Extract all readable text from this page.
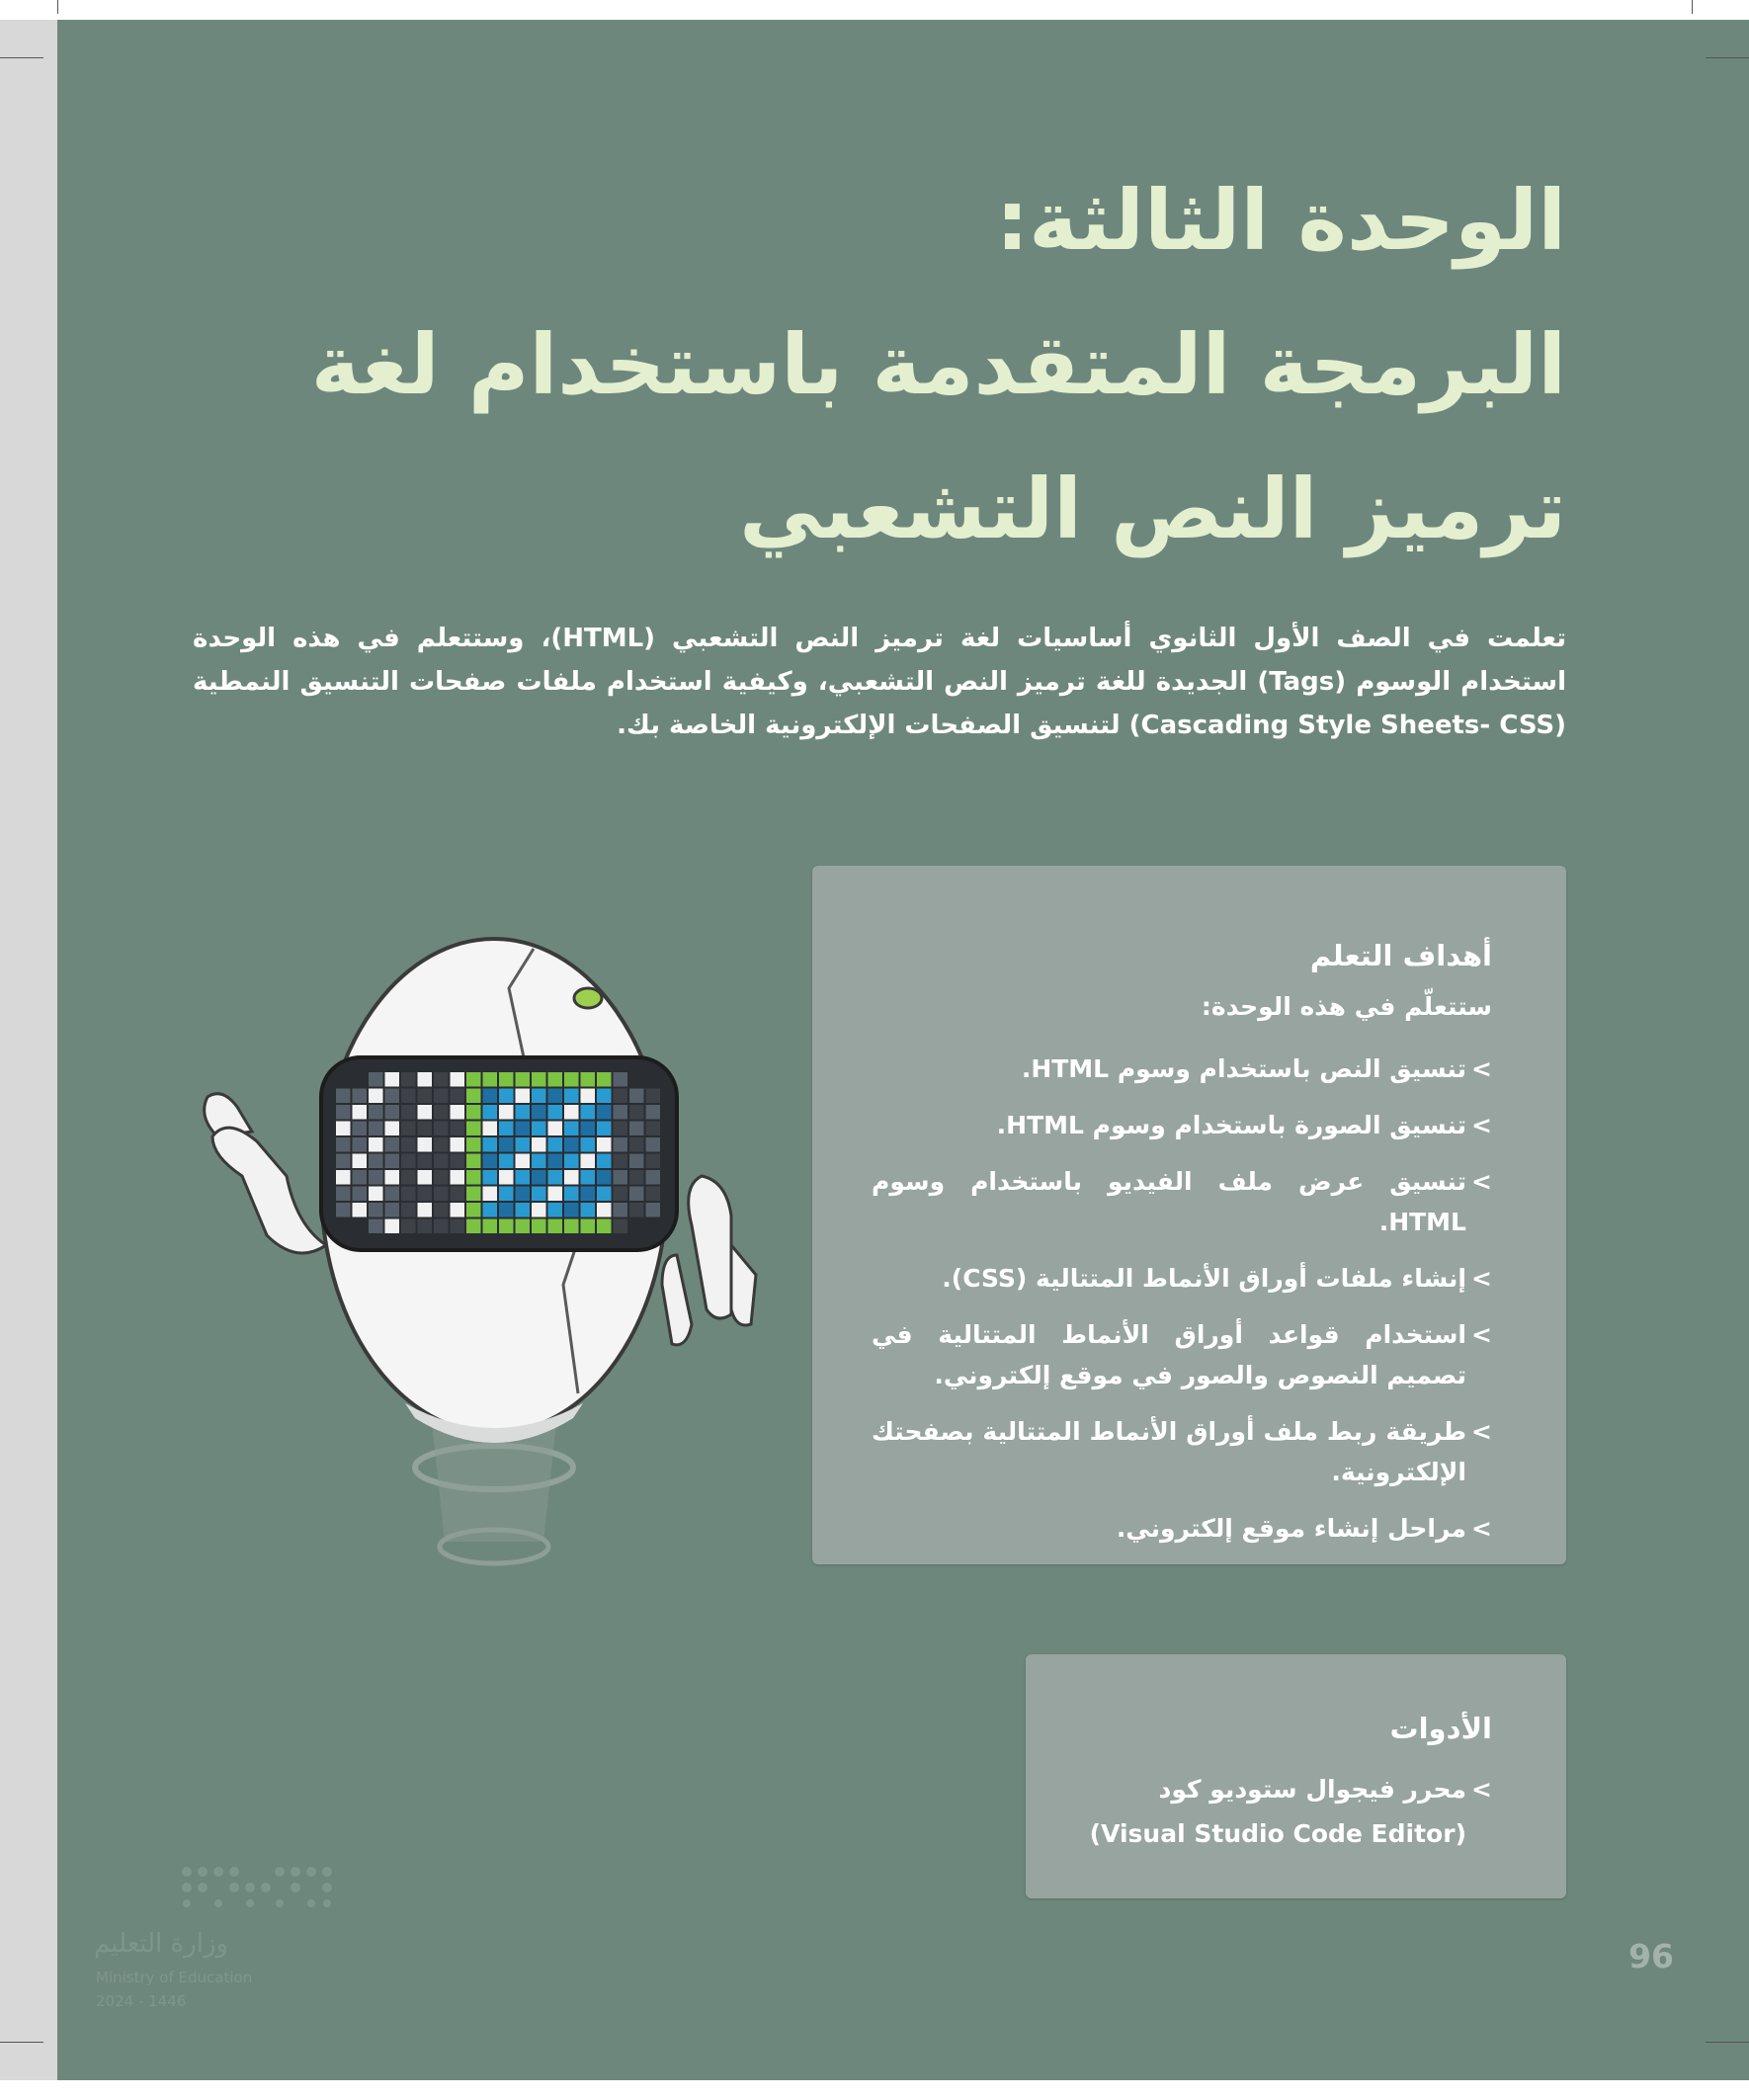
الوحدة الثالثة:
البرمجة المتقدمة باستخدام لغة
ترميز النص التشعبي
تعلمت في الصف الأول الثانوي أساسيات لغة ترميز النص التشعبي (HTML)، وستتعلم في هذه الوحدة استخدام الوسوم (Tags) الجديدة للغة ترميز النص التشعبي، وكيفية استخدام ملفات صفحات التنسيق النمطية (Cascading Style Sheets- CSS) لتنسيق الصفحات الإلكترونية الخاصة بك.
أهداف التعلم
ستتعلّم في هذه الوحدة:
>
تنسيق النص باستخدام وسوم HTML.
>
تنسيق الصورة باستخدام وسوم HTML.
>
تنسيق عرض ملف الفيديو باستخدام وسوم HTML.
>
إنشاء ملفات أوراق الأنماط المتتالية (CSS).
>
استخدام قواعد أوراق الأنماط المتتالية في تصميم النصوص والصور في موقع إلكتروني.
>
طريقة ربط ملف أوراق الأنماط المتتالية بصفحتك الإلكترونية.
>
مراحل إنشاء موقع إلكتروني.
الأدوات
>
محرر فيجوال ستوديو كود
(Visual Studio Code Editor)
وزارة التعليم
Ministry of Education
2024 - 1446
96
